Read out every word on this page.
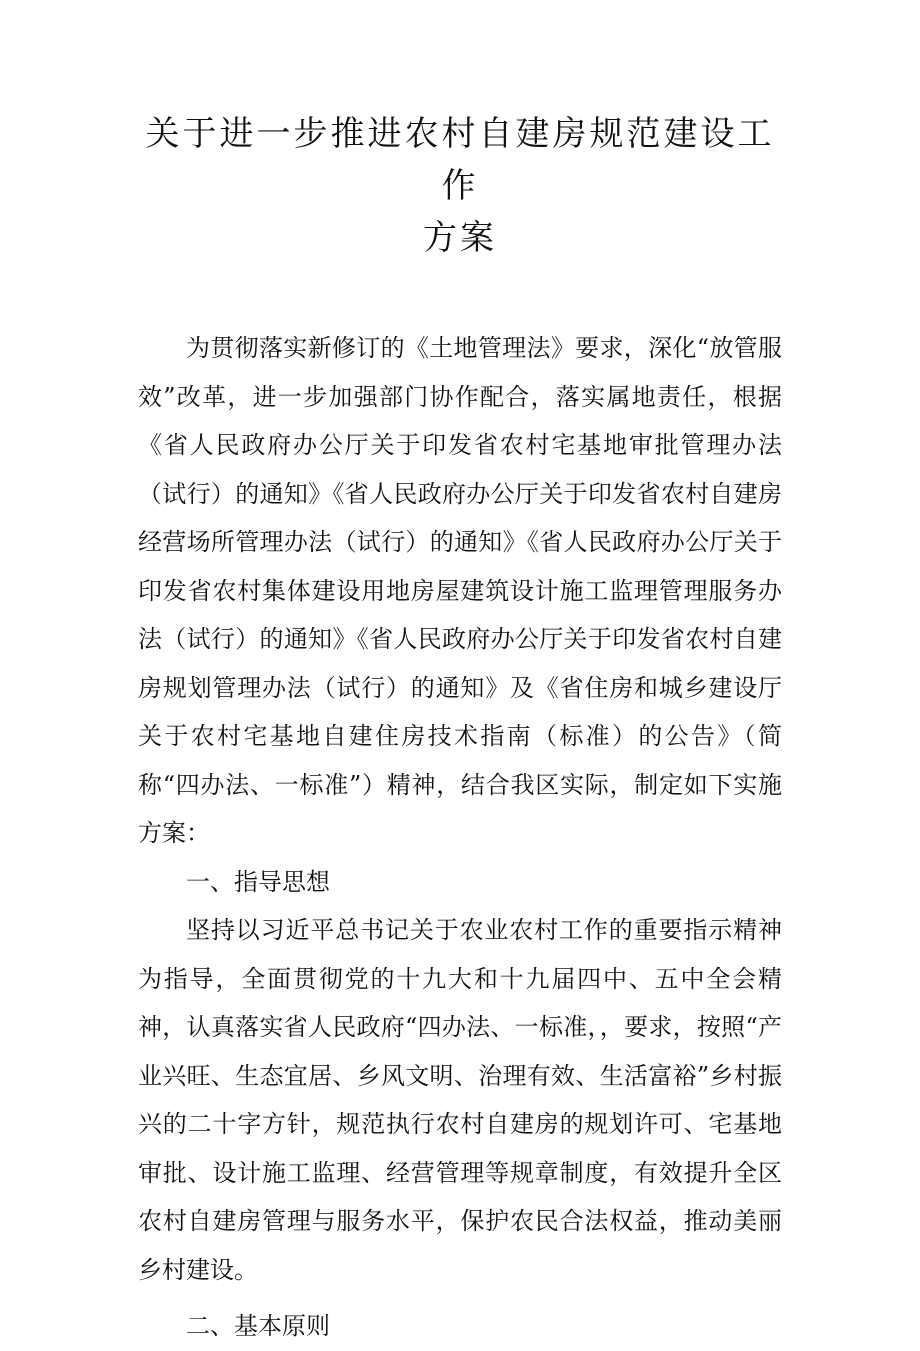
关于进一步推进农村自建房规范建设工作
方案

为贯彻落实新修订的《土地管理法》要求，深化“放管服效”改革，进一步加强部门协作配合，落实属地责任，根据《省人民政府办公厅关于印发省农村宅基地审批管理办法（试行）的通知》《省人民政府办公厅关于印发省农村自建房经营场所管理办法（试行）的通知》《省人民政府办公厅关于印发省农村集体建设用地房屋建筑设计施工监理管理服务办法（试行）的通知》《省人民政府办公厅关于印发省农村自建房规划管理办法（试行）的通知》及《省住房和城乡建设厅关于农村宅基地自建住房技术指南（标准）的公告》（简称“四办法、一标准”）精神，结合我区实际，制定如下实施方案：

一、指导思想

坚持以习近平总书记关于农业农村工作的重要指示精神为指导，全面贯彻党的十九大和十九届四中、五中全会精神，认真落实省人民政府“四办法、一标准，，要求，按照“产业兴旺、生态宜居、乡风文明、治理有效、生活富裕”乡村振兴的二十字方针，规范执行农村自建房的规划许可、宅基地审批、设计施工监理、经营管理等规章制度，有效提升全区农村自建房管理与服务水平，保护农民合法权益，推动美丽乡村建设。

二、基本原则
